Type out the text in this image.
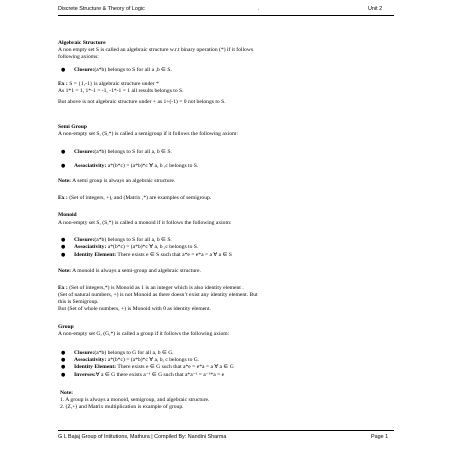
Discrete Structure & Theory of Logic	.	Unit 2
Algebraic Structure
A non empty set S is called an algebraic structure w.r.t binary operation (*) if it follows
following axioms:
● Closure:(a*b) belongs to S for all a ,b ∈ S.
Ex : S = {1,-1} is algebraic structure under *
As 1*1 = 1, 1*-1 = -1, -1*-1 = 1 all results belongs to S.
But above is not algebraic structure under + as 1+(-1) = 0 not belongs to S.
Semi Group
A non-empty set S, (S,*) is called a semigroup if it follows the following axiom:
● Closure:(a*b) belongs to S for all a, b ∈ S.
● Associativity: a*(b*c) = (a*b)*c ∀ a, b ,c belongs to S.
Note: A semi group is always an algebraic structure.
Ex : (Set of integers, +), and (Matrix ,*) are examples of semigroup.
Monoid
A non-empty set S, (S,*) is called a monoid if it follows the following axiom:
● Closure:(a*b) belongs to S for all a, b ∈ S.
● Associativity: a*(b*c) = (a*b)*c ∀ a, b ,c belongs to S.
● Identity Element: There exists e ∈ S such that a*e = e*a = a ∀ a ∈ S
Note: A monoid is always a semi-group and algebraic structure.
Ex : (Set of integers,*) is Monoid as 1 is an integer which is also identity element .
(Set of natural numbers, +) is not Monoid as there doesn’t exist any identity element. But
this is Semigroup.
But (Set of whole numbers, +) is Monoid with 0 as identity element.
Group
A non-empty set G, (G,*) is called a group if it follows the following axiom:
● Closure:(a*b) belongs to G for all a, b ∈ G.
● Associativity: a*(b*c) = (a*b)*c ∀ a, b, c belongs to G.
● Identity Element: There exists e ∈ G such that a*e = e*a = a ∀ a ∈ G
● Inverses:∀ a ∈ G there exists a⁻¹ ∈ G such that a*a⁻¹ = a⁻¹*a = e
Note:
1. A group is always a monoid, semigroup, and algebraic structure.
2. (Z,+) and Matrix multiplication is example of group.
G L Bajaj Group of Intitutions, Mathura | Compiled By: Nandini Sharma	Page 1
